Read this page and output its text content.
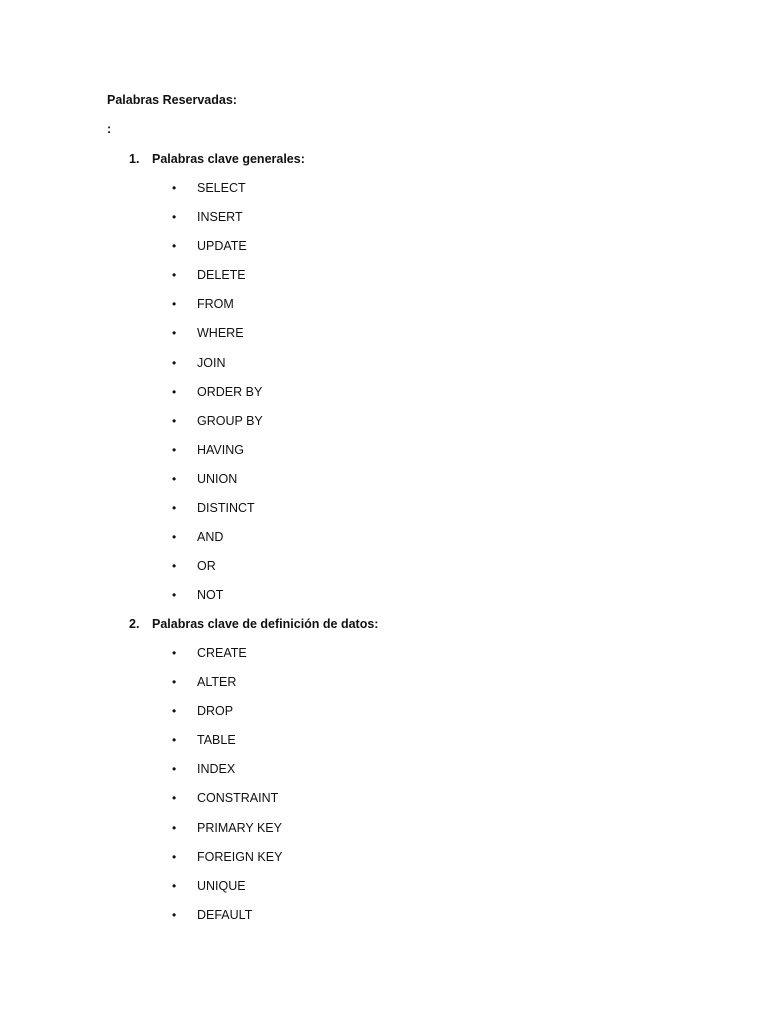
Palabras Reservadas:
:
1. Palabras clave generales:
• SELECT
• INSERT
• UPDATE
• DELETE
• FROM
• WHERE
• JOIN
• ORDER BY
• GROUP BY
• HAVING
• UNION
• DISTINCT
• AND
• OR
• NOT
2. Palabras clave de definición de datos:
• CREATE
• ALTER
• DROP
• TABLE
• INDEX
• CONSTRAINT
• PRIMARY KEY
• FOREIGN KEY
• UNIQUE
• DEFAULT
